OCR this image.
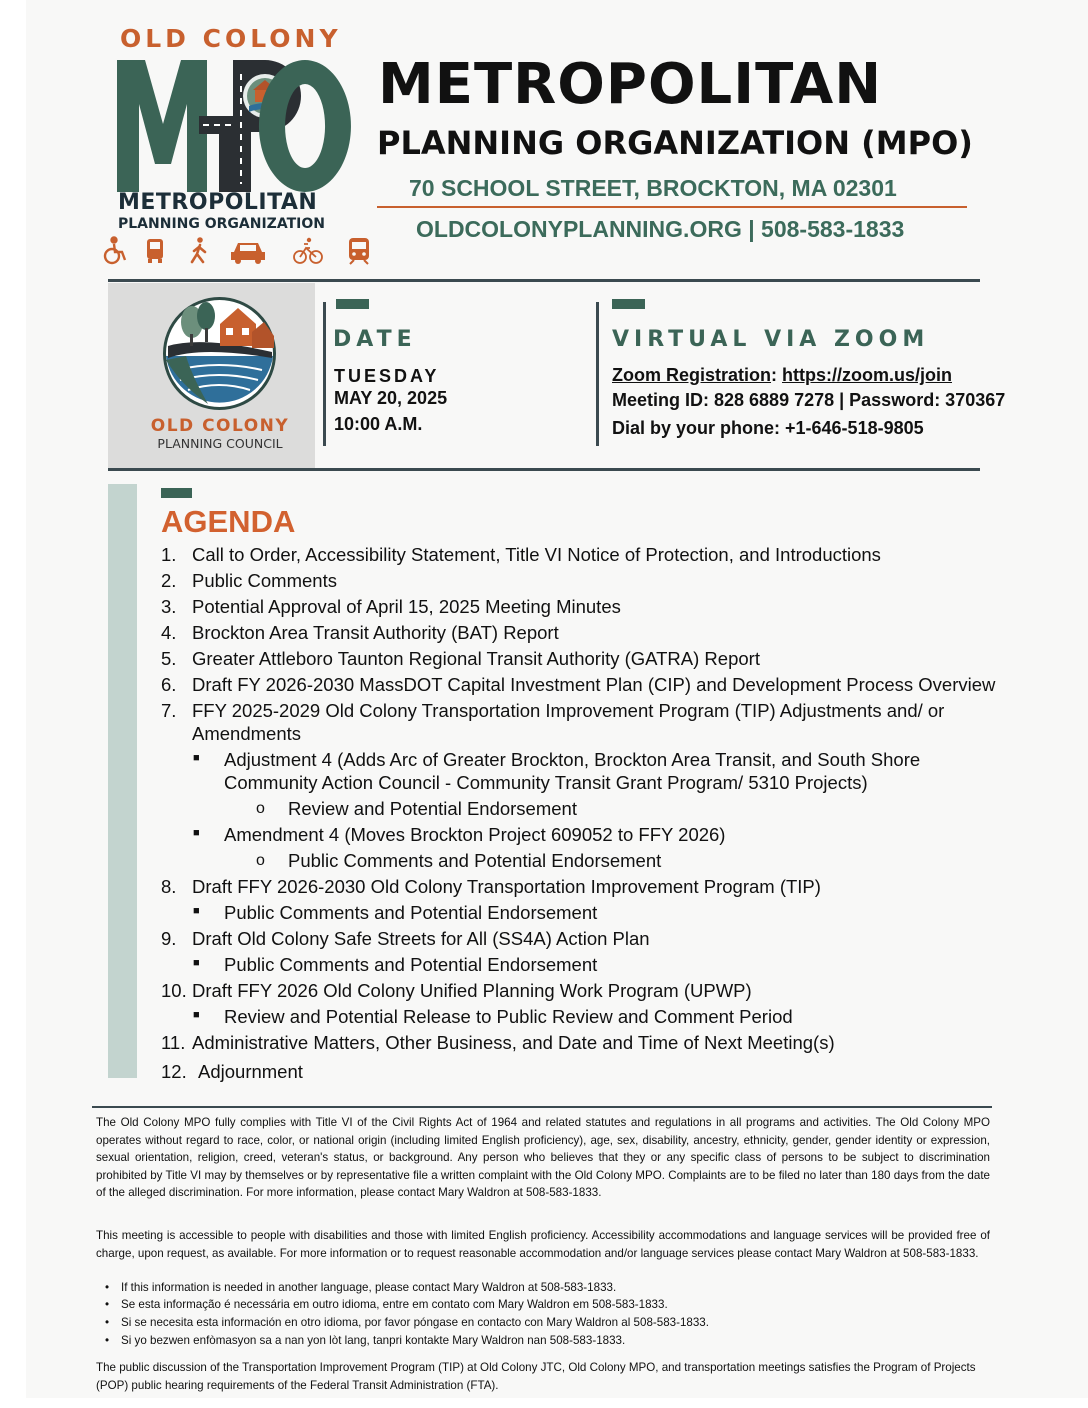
OLD COLONY
METROPOLITAN
PLANNING ORGANIZATION
METROPOLITAN
PLANNING ORGANIZATION (MPO)
70 SCHOOL STREET, BROCKTON, MA 02301
OLDCOLONYPLANNING.ORG | 508-583-1833
OLD COLONY
PLANNING COUNCIL
DATE
TUESDAY
MAY 20, 2025
10:00 A.M.
VIRTUAL VIA ZOOM
Zoom Registration: https://zoom.us/join
Meeting ID: 828 6889 7278 | Password: 370367
Dial by your phone: +1-646-518-9805
AGENDA
1. Call to Order, Accessibility Statement, Title VI Notice of Protection, and Introductions
2. Public Comments
3. Potential Approval of April 15, 2025 Meeting Minutes
4. Brockton Area Transit Authority (BAT) Report
5. Greater Attleboro Taunton Regional Transit Authority (GATRA) Report
6. Draft FY 2026-2030 MassDOT Capital Investment Plan (CIP) and Development Process Overview
7. FFY 2025-2029 Old Colony Transportation Improvement Program (TIP) Adjustments and/ or
Amendments
■ Adjustment 4 (Adds Arc of Greater Brockton, Brockton Area Transit, and South Shore
Community Action Council - Community Transit Grant Program/ 5310 Projects)
o Review and Potential Endorsement
■ Amendment 4 (Moves Brockton Project 609052 to FFY 2026)
o Public Comments and Potential Endorsement
8. Draft FFY 2026-2030 Old Colony Transportation Improvement Program (TIP)
■ Public Comments and Potential Endorsement
9. Draft Old Colony Safe Streets for All (SS4A) Action Plan
■ Public Comments and Potential Endorsement
10. Draft FFY 2026 Old Colony Unified Planning Work Program (UPWP)
■ Review and Potential Release to Public Review and Comment Period
11. Administrative Matters, Other Business, and Date and Time of Next Meeting(s)
12. Adjournment
The Old Colony MPO fully complies with Title VI of the Civil Rights Act of 1964 and related statutes and regulations in all programs and activities. The Old Colony MPO operates without regard to race, color, or national origin (including limited English proficiency), age, sex, disability, ancestry, ethnicity, gender, gender identity or expression, sexual orientation, religion, creed, veteran's status, or background. Any person who believes that they or any specific class of persons to be subject to discrimination prohibited by Title VI may by themselves or by representative file a written complaint with the Old Colony MPO. Complaints are to be filed no later than 180 days from the date of the alleged discrimination. For more information, please contact Mary Waldron at 508-583-1833.
This meeting is accessible to people with disabilities and those with limited English proficiency. Accessibility accommodations and language services will be provided free of charge, upon request, as available. For more information or to request reasonable accommodation and/or language services please contact Mary Waldron at 508-583-1833.
• If this information is needed in another language, please contact Mary Waldron at 508-583-1833.
• Se esta informação é necessária em outro idioma, entre em contato com Mary Waldron em 508-583-1833.
• Si se necesita esta información en otro idioma, por favor póngase en contacto con Mary Waldron al 508-583-1833.
• Si yo bezwen enfòmasyon sa a nan yon lòt lang, tanpri kontakte Mary Waldron nan 508-583-1833.
The public discussion of the Transportation Improvement Program (TIP) at Old Colony JTC, Old Colony MPO, and transportation meetings satisfies the Program of Projects (POP) public hearing requirements of the Federal Transit Administration (FTA).
